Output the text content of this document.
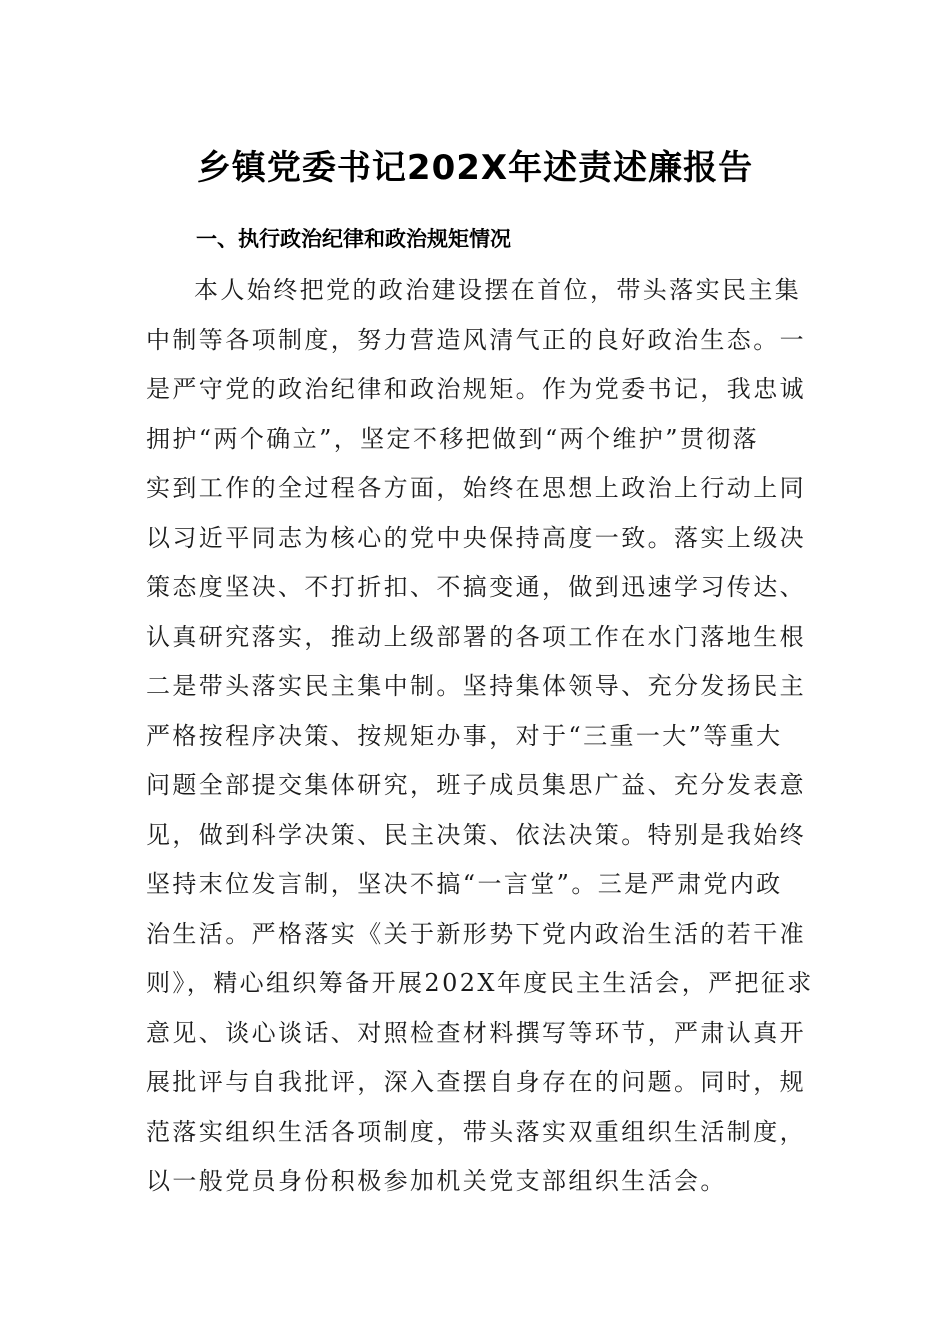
乡镇党委书记202X年述责述廉报告
一、执行政治纪律和政治规矩情况
本人始终把党的政治建设摆在首位，带头落实民主集
中制等各项制度，努力营造风清气正的良好政治生态。一
是严守党的政治纪律和政治规矩。作为党委书记，我忠诚
拥护“两个确立”，坚定不移把做到“两个维护”贯彻落
实到工作的全过程各方面，始终在思想上政治上行动上同
以习近平同志为核心的党中央保持高度一致。落实上级决
策态度坚决、不打折扣、不搞变通，做到迅速学习传达、
认真研究落实，推动上级部署的各项工作在水门落地生根
二是带头落实民主集中制。坚持集体领导、充分发扬民主
严格按程序决策、按规矩办事，对于“三重一大”等重大
问题全部提交集体研究，班子成员集思广益、充分发表意
见，做到科学决策、民主决策、依法决策。特别是我始终
坚持末位发言制，坚决不搞“一言堂”。三是严肃党内政
治生活。严格落实《关于新形势下党内政治生活的若干准
则》，精心组织筹备开展202X年度民主生活会，严把征求
意见、谈心谈话、对照检查材料撰写等环节，严肃认真开
展批评与自我批评，深入查摆自身存在的问题。同时，规
范落实组织生活各项制度，带头落实双重组织生活制度，
以一般党员身份积极参加机关党支部组织生活会。
